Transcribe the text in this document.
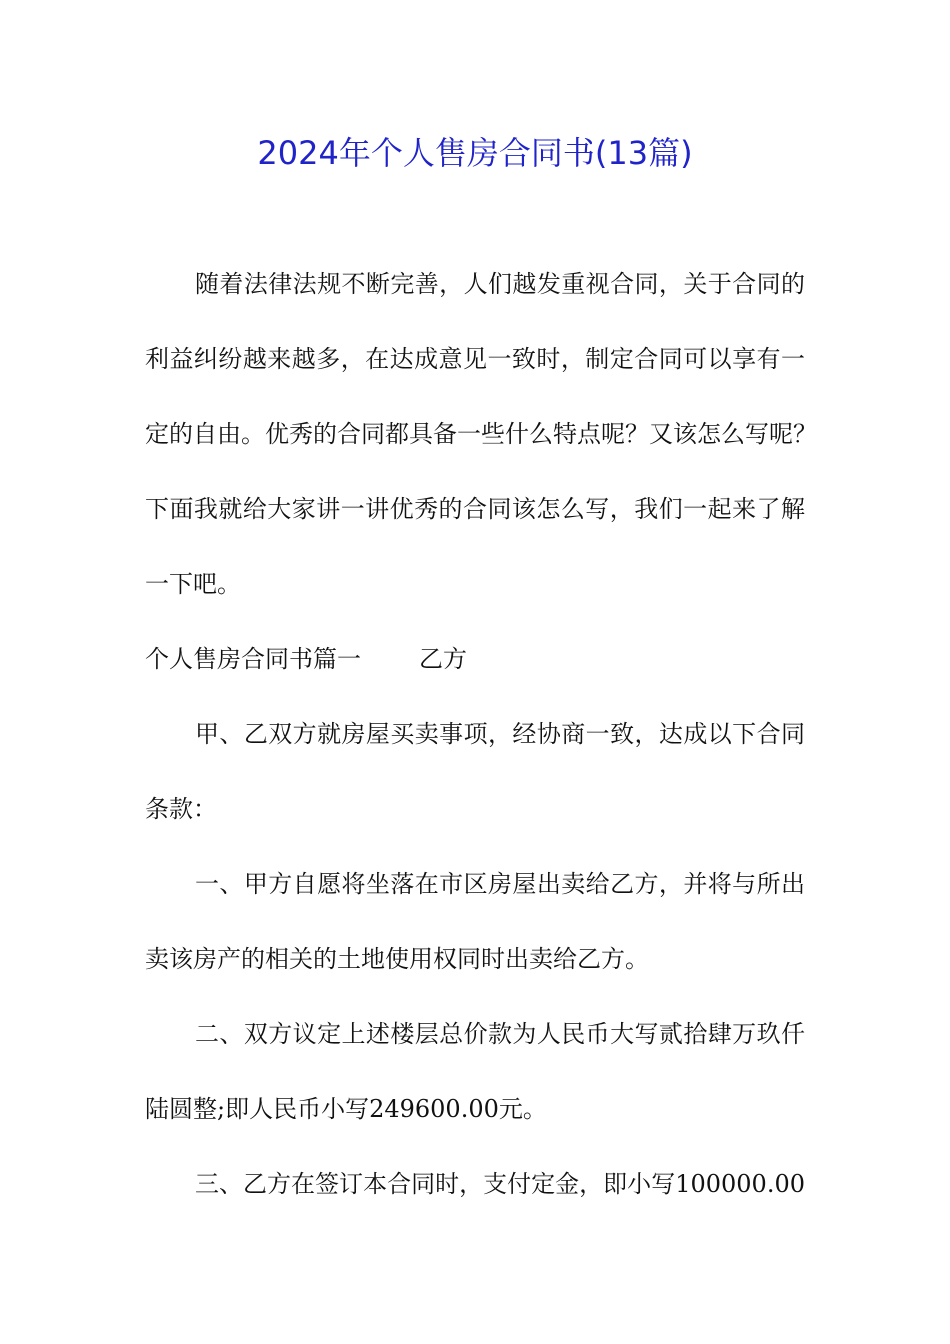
2024年个人售房合同书(13篇)

随着法律法规不断完善，人们越发重视合同，关于合同的

利益纠纷越来越多，在达成意见一致时，制定合同可以享有一

定的自由。优秀的合同都具备一些什么特点呢？又该怎么写呢？

下面我就给大家讲一讲优秀的合同该怎么写，我们一起来了解

一下吧。

个人售房合同书篇一 乙方

甲、乙双方就房屋买卖事项，经协商一致，达成以下合同

条款：

一、甲方自愿将坐落在市区房屋出卖给乙方，并将与所出

卖该房产的相关的土地使用权同时出卖给乙方。

二、双方议定上述楼层总价款为人民币大写贰拾肆万玖仟

陆圆整;即人民币小写249600.00元。

三、乙方在签订本合同时，支付定金，即小写100000.00
